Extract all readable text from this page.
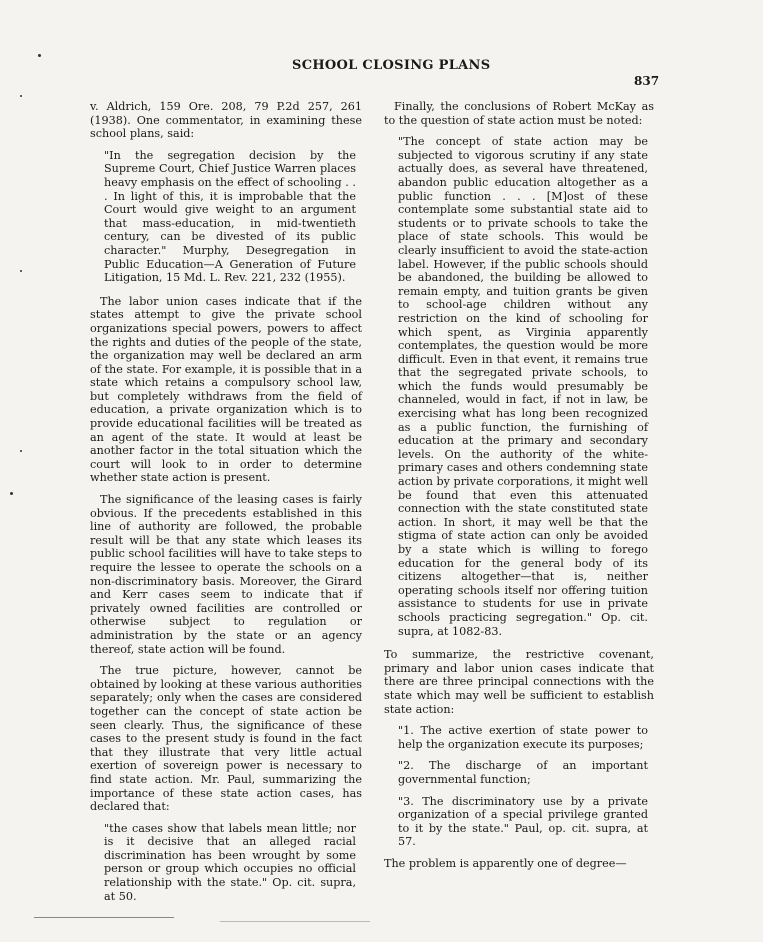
SCHOOL CLOSING PLANS
837

v. Aldrich, 159 Ore. 208, 79 P.2d 257, 261 (1938). One commentator, in examining these school plans, said:

"In the segregation decision by the Supreme Court, Chief Justice Warren places heavy emphasis on the effect of schooling . . . In light of this, it is improbable that the Court would give weight to an argument that mass-education, in mid-twentieth century, can be divested of its public character." Murphy, Desegregation in Public Education—A Generation of Future Litigation, 15 Md. L. Rev. 221, 232 (1955).

The labor union cases indicate that if the states attempt to give the private school organizations special powers, powers to affect the rights and duties of the people of the state, the organization may well be declared an arm of the state. For example, it is possible that in a state which retains a compulsory school law, but completely withdraws from the field of education, a private organization which is to provide educational facilities will be treated as an agent of the state. It would at least be another factor in the total situation which the court will look to in order to determine whether state action is present.

The significance of the leasing cases is fairly obvious. If the precedents established in this line of authority are followed, the probable result will be that any state which leases its public school facilities will have to take steps to require the lessee to operate the schools on a non-discriminatory basis. Moreover, the Girard and Kerr cases seem to indicate that if privately owned facilities are controlled or otherwise subject to regulation or administration by the state or an agency thereof, state action will be found.

The true picture, however, cannot be obtained by looking at these various authorities separately; only when the cases are considered together can the concept of state action be seen clearly. Thus, the significance of these cases to the present study is found in the fact that they illustrate that very little actual exertion of sovereign power is necessary to find state action. Mr. Paul, summarizing the importance of these state action cases, has declared that:

"the cases show that labels mean little; nor is it decisive that an alleged racial discrimination has been wrought by some person or group which occupies no official relationship with the state." Op. cit. supra, at 50.

Finally, the conclusions of Robert McKay as to the question of state action must be noted:

"The concept of state action may be subjected to vigorous scrutiny if any state actually does, as several have threatened, abandon public education altogether as a public function . . . [M]ost of these contemplate some substantial state aid to students or to private schools to take the place of state schools. This would be clearly insufficient to avoid the state-action label. However, if the public schools should be abandoned, the building be allowed to remain empty, and tuition grants be given to school-age children without any restriction on the kind of schooling for which spent, as Virginia apparently contemplates, the question would be more difficult. Even in that event, it remains true that the segregated private schools, to which the funds would presumably be channeled, would in fact, if not in law, be exercising what has long been recognized as a public function, the furnishing of education at the primary and secondary levels. On the authority of the white-primary cases and others condemning state action by private corporations, it might well be found that even this attenuated connection with the state constituted state action. In short, it may well be that the stigma of state action can only be avoided by a state which is willing to forego education for the general body of its citizens altogether—that is, neither operating schools itself nor offering tuition assistance to students for use in private schools practicing segregation." Op. cit. supra, at 1082-83.

To summarize, the restrictive covenant, primary and labor union cases indicate that there are three principal connections with the state which may well be sufficient to establish state action:

"1. The active exertion of state power to help the organization execute its purposes;

"2. The discharge of an important governmental function;

"3. The discriminatory use by a private organization of a special privilege granted to it by the state." Paul, op. cit. supra, at 57.

The problem is apparently one of degree—
